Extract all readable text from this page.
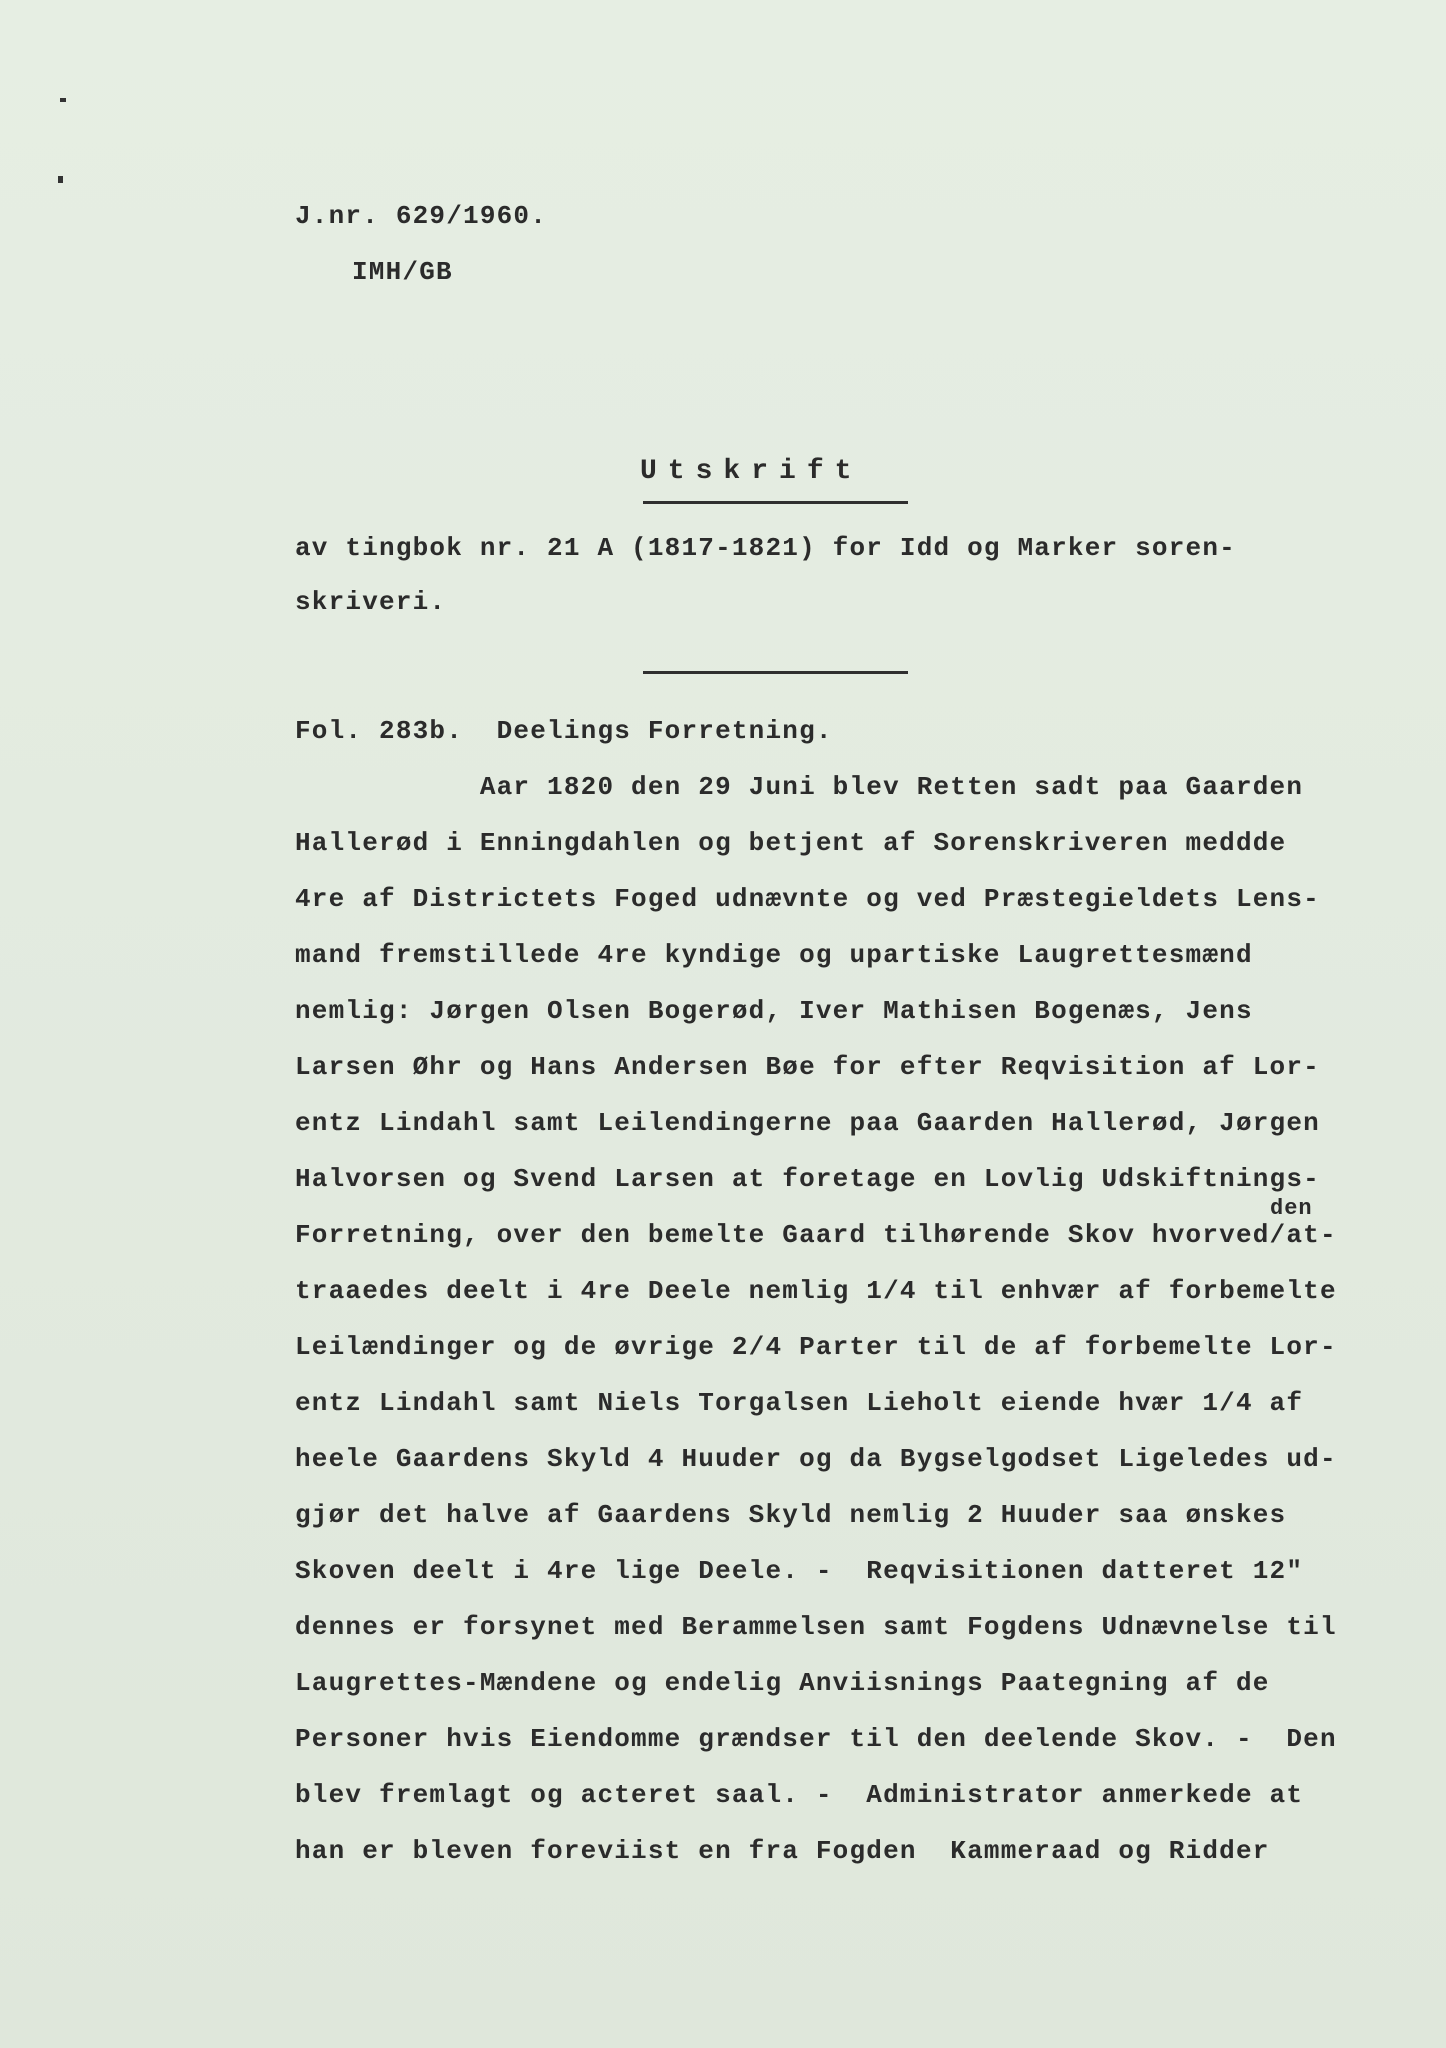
J.nr. 629/1960.
IMH/GB
Utskrift
av tingbok nr. 21 A (1817-1821) for Idd og Marker soren-
skriveri.
Fol. 283b.  Deelings Forretning.
Aar 1820 den 29 Juni blev Retten sadt paa Gaarden
Hallerød i Enningdahlen og betjent af Sorenskriveren meddde
4re af Districtets Foged udnævnte og ved Præstegieldets Lens-
mand fremstillede 4re kyndige og upartiske Laugrettesmænd
nemlig: Jørgen Olsen Bogerød, Iver Mathisen Bogenæs, Jens
Larsen Øhr og Hans Andersen Bøe for efter Reqvisition af Lor-
entz Lindahl samt Leilendingerne paa Gaarden Hallerød, Jørgen
Halvorsen og Svend Larsen at foretage en Lovlig Udskiftnings-
den
Forretning, over den bemelte Gaard tilhørende Skov hvorved/at-
traaedes deelt i 4re Deele nemlig 1/4 til enhvær af forbemelte
Leilændinger og de øvrige 2/4 Parter til de af forbemelte Lor-
entz Lindahl samt Niels Torgalsen Lieholt eiende hvær 1/4 af
heele Gaardens Skyld 4 Huuder og da Bygselgodset Ligeledes ud-
gjør det halve af Gaardens Skyld nemlig 2 Huuder saa ønskes
Skoven deelt i 4re lige Deele. -  Reqvisitionen datteret 12"
dennes er forsynet med Berammelsen samt Fogdens Udnævnelse til
Laugrettes-Mændene og endelig Anviisnings Paategning af de
Personer hvis Eiendomme grændser til den deelende Skov. -  Den
blev fremlagt og acteret saal. -  Administrator anmerkede at
han er bleven foreviist en fra Fogden  Kammeraad og Ridder
